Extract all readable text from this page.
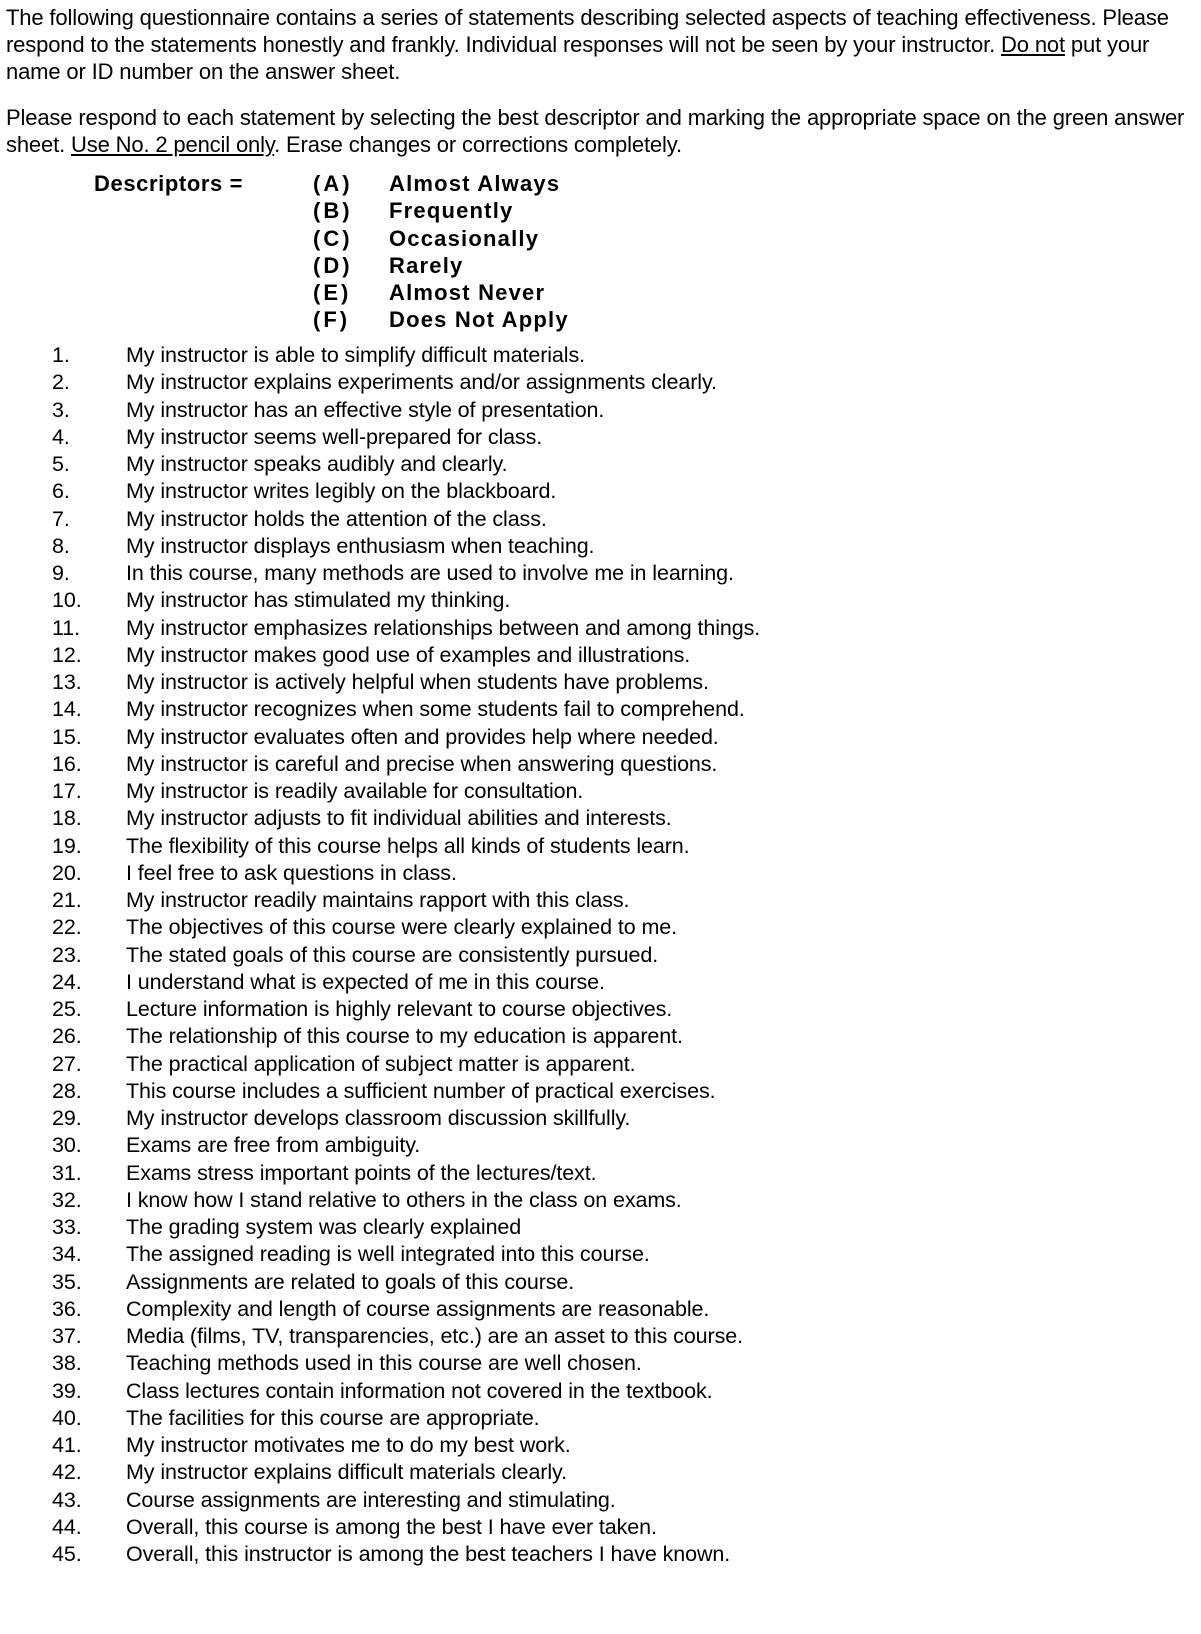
The following questionnaire contains a series of statements describing selected aspects of teaching effectiveness. Please respond to the statements honestly and frankly. Individual responses will not be seen by your instructor. Do not put your name or ID number on the answer sheet.

Please respond to each statement by selecting the best descriptor and marking the appropriate space on the green answer sheet. Use No. 2 pencil only. Erase changes or corrections completely.

Descriptors =	(A) Almost Always
(B) Frequently
(C) Occasionally
(D) Rarely
(E) Almost Never
(F) Does Not Apply
1.	My instructor is able to simplify difficult materials.
2.	My instructor explains experiments and/or assignments clearly.
3.	My instructor has an effective style of presentation.
4.	My instructor seems well-prepared for class.
5.	My instructor speaks audibly and clearly.
6.	My instructor writes legibly on the blackboard.
7.	My instructor holds the attention of the class.
8.	My instructor displays enthusiasm when teaching.
9.	In this course, many methods are used to involve me in learning.
10.	My instructor has stimulated my thinking.
11.	My instructor emphasizes relationships between and among things.
12.	My instructor makes good use of examples and illustrations.
13.	My instructor is actively helpful when students have problems.
14.	My instructor recognizes when some students fail to comprehend.
15.	My instructor evaluates often and provides help where needed.
16.	My instructor is careful and precise when answering questions.
17.	My instructor is readily available for consultation.
18.	My instructor adjusts to fit individual abilities and interests.
19.	The flexibility of this course helps all kinds of students learn.
20.	I feel free to ask questions in class.
21.	My instructor readily maintains rapport with this class.
22.	The objectives of this course were clearly explained to me.
23.	The stated goals of this course are consistently pursued.
24.	I understand what is expected of me in this course.
25.	Lecture information is highly relevant to course objectives.
26.	The relationship of this course to my education is apparent.
27.	The practical application of subject matter is apparent.
28.	This course includes a sufficient number of practical exercises.
29.	My instructor develops classroom discussion skillfully.
30.	Exams are free from ambiguity.
31.	Exams stress important points of the lectures/text.
32.	I know how I stand relative to others in the class on exams.
33.	The grading system was clearly explained
34.	The assigned reading is well integrated into this course.
35.	Assignments are related to goals of this course.
36.	Complexity and length of course assignments are reasonable.
37.	Media (films, TV, transparencies, etc.) are an asset to this course.
38.	Teaching methods used in this course are well chosen.
39.	Class lectures contain information not covered in the textbook.
40.	The facilities for this course are appropriate.
41.	My instructor motivates me to do my best work.
42.	My instructor explains difficult materials clearly.
43.	Course assignments are interesting and stimulating.
44.	Overall, this course is among the best I have ever taken.
45.	Overall, this instructor is among the best teachers I have known.
